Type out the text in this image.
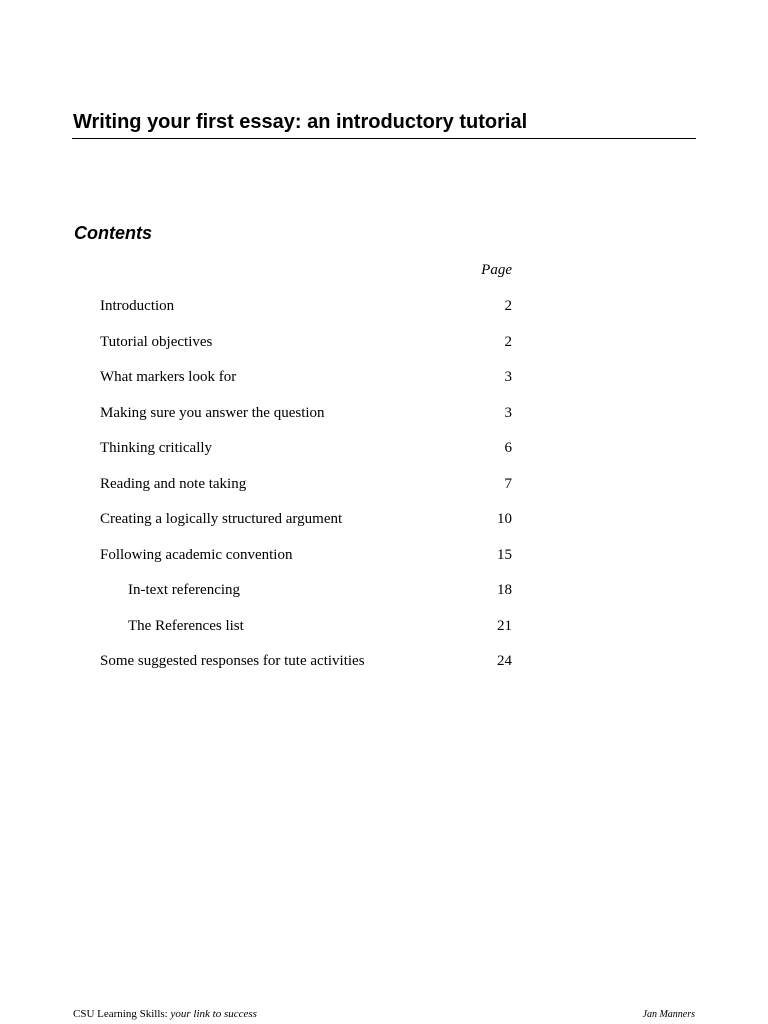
Writing your first essay: an introductory tutorial
Contents
Page
Introduction	2
Tutorial objectives	2
What markers look for	3
Making sure you answer the question	3
Thinking critically	6
Reading and note taking	7
Creating a logically structured argument	10
Following academic convention	15
In-text referencing	18
The References list	21
Some suggested responses for tute activities	24
CSU Learning Skills: your link to success	Jan Manners
